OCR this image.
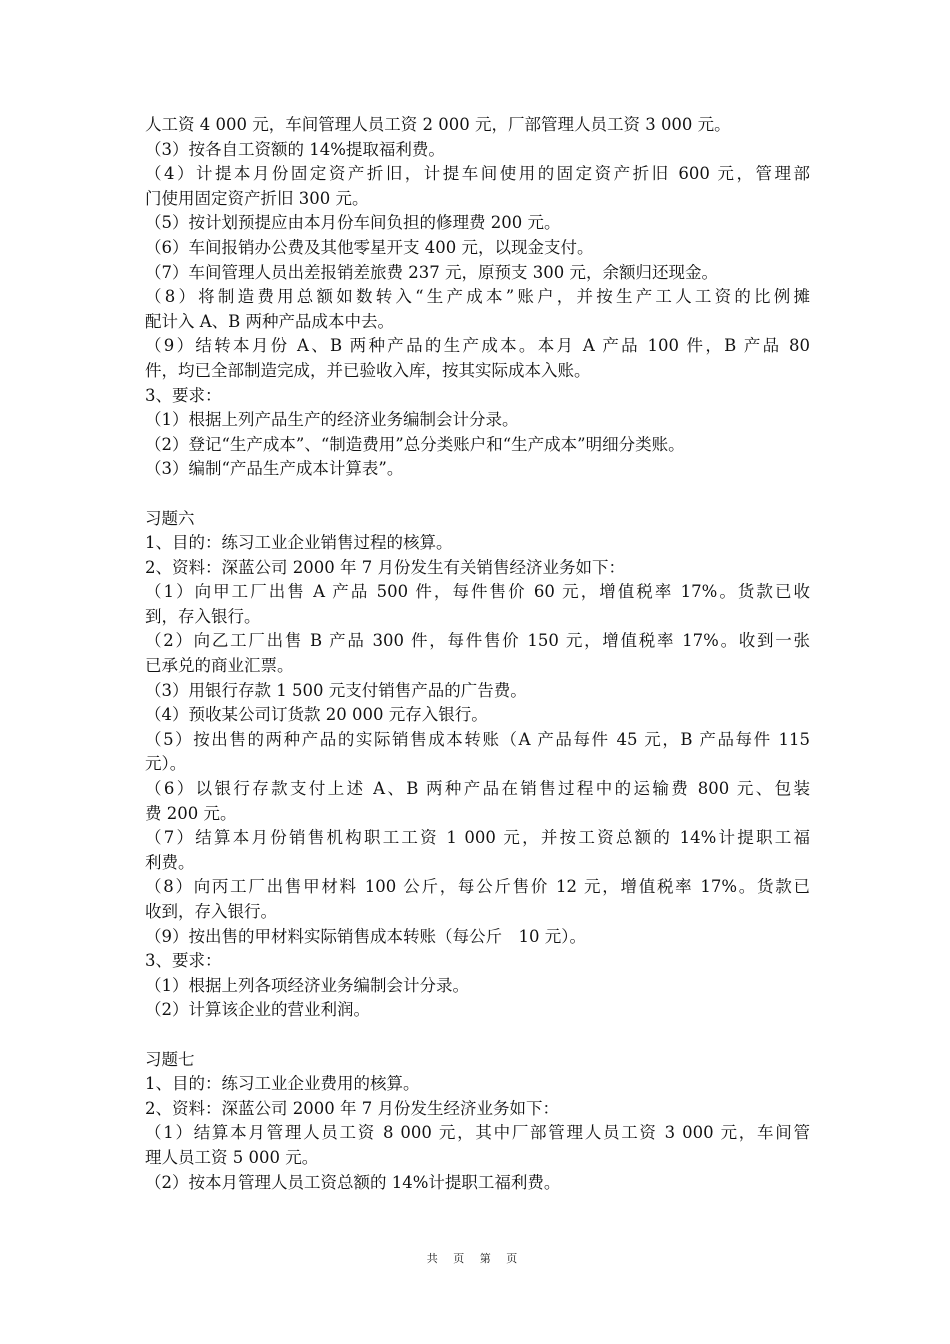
人工资 4 000 元，车间管理人员工资 2 000 元，厂部管理人员工资 3 000 元。
（3）按各自工资额的 14%提取福利费。
（4）计提本月份固定资产折旧，计提车间使用的固定资产折旧 600 元，管理部
门使用固定资产折旧 300 元。
（5）按计划预提应由本月份车间负担的修理费 200 元。
（6）车间报销办公费及其他零星开支 400 元，以现金支付。
（7）车间管理人员出差报销差旅费 237 元，原预支 300 元，余额归还现金。
（8）将制造费用总额如数转入“生产成本”账户，并按生产工人工资的比例摊
配计入 A、B 两种产品成本中去。
（9）结转本月份 A、B 两种产品的生产成本。本月 A 产品 100 件，B 产品 80
件，均已全部制造完成，并已验收入库，按其实际成本入账。
3、要求：
（1）根据上列产品生产的经济业务编制会计分录。
（2）登记“生产成本”、“制造费用”总分类账户和“生产成本”明细分类账。
（3）编制“产品生产成本计算表”。
习题六
1、目的：练习工业企业销售过程的核算。
2、资料：深蓝公司 2000 年 7 月份发生有关销售经济业务如下：
（1）向甲工厂出售 A 产品 500 件，每件售价 60 元，增值税率 17%。货款已收
到，存入银行。
（2）向乙工厂出售 B 产品 300 件，每件售价 150 元，增值税率 17%。收到一张
已承兑的商业汇票。
（3）用银行存款 1 500 元支付销售产品的广告费。
（4）预收某公司订货款 20 000 元存入银行。
（5）按出售的两种产品的实际销售成本转账（A 产品每件 45 元，B 产品每件 115
元）。
（6）以银行存款支付上述 A、B 两种产品在销售过程中的运输费 800 元、包装
费 200 元。
（7）结算本月份销售机构职工工资 1 000 元，并按工资总额的 14%计提职工福
利费。
（8）向丙工厂出售甲材料 100 公斤，每公斤售价 12 元，增值税率 17%。货款已
收到，存入银行。
（9）按出售的甲材料实际销售成本转账（每公斤　10 元）。
3、要求：
（1）根据上列各项经济业务编制会计分录。
（2）计算该企业的营业利润。
习题七
1、目的：练习工业企业费用的核算。
2、资料：深蓝公司 2000 年 7 月份发生经济业务如下：
（1）结算本月管理人员工资 8 000 元，其中厂部管理人员工资 3 000 元，车间管
理人员工资 5 000 元。
（2）按本月管理人员工资总额的 14%计提职工福利费。
共 页 第 页
